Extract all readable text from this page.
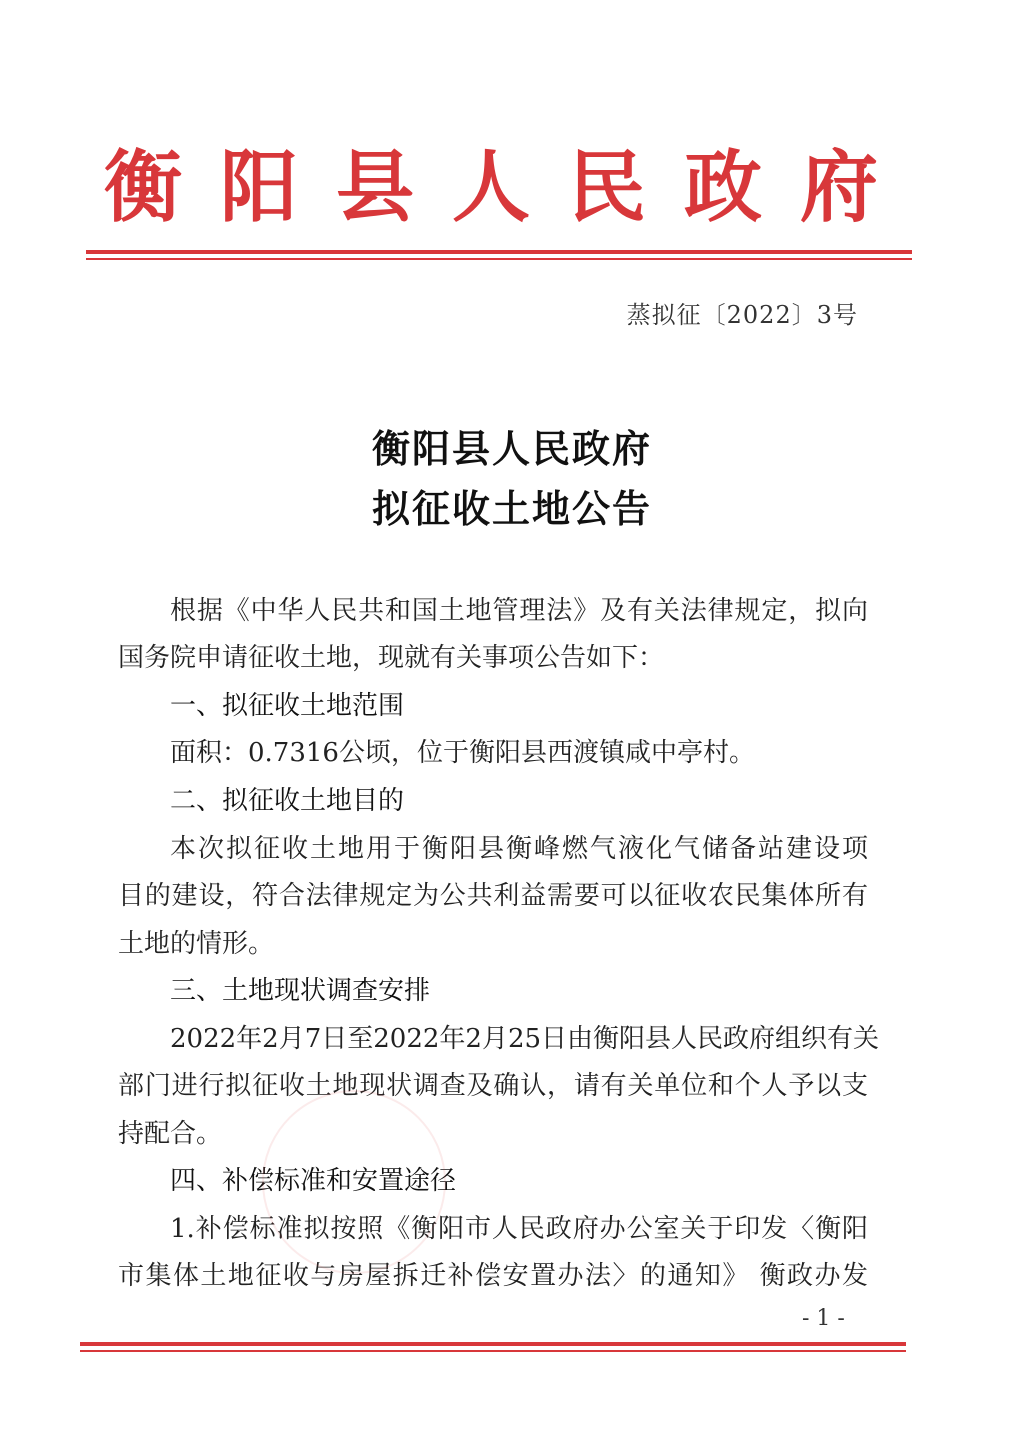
衡阳县人民政府
蒸拟征〔2022〕3号
衡阳县人民政府
拟征收土地公告
根据《中华人民共和国土地管理法》及有关法律规定，拟向
国务院申请征收土地，现就有关事项公告如下：
一、拟征收土地范围
面积：0.7316公顷，位于衡阳县西渡镇咸中亭村。
二、拟征收土地目的
本次拟征收土地用于衡阳县衡峰燃气液化气储备站建设项
目的建设，符合法律规定为公共利益需要可以征收农民集体所有
土地的情形。
三、土地现状调查安排
2022年2月7日至2022年2月25日由衡阳县人民政府组织有关
部门进行拟征收土地现状调查及确认，请有关单位和个人予以支
持配合。
四、补偿标准和安置途径
1.补偿标准拟按照《衡阳市人民政府办公室关于印发〈衡阳
市集体土地征收与房屋拆迁补偿安置办法〉的通知》 衡政办发
- 1 -
